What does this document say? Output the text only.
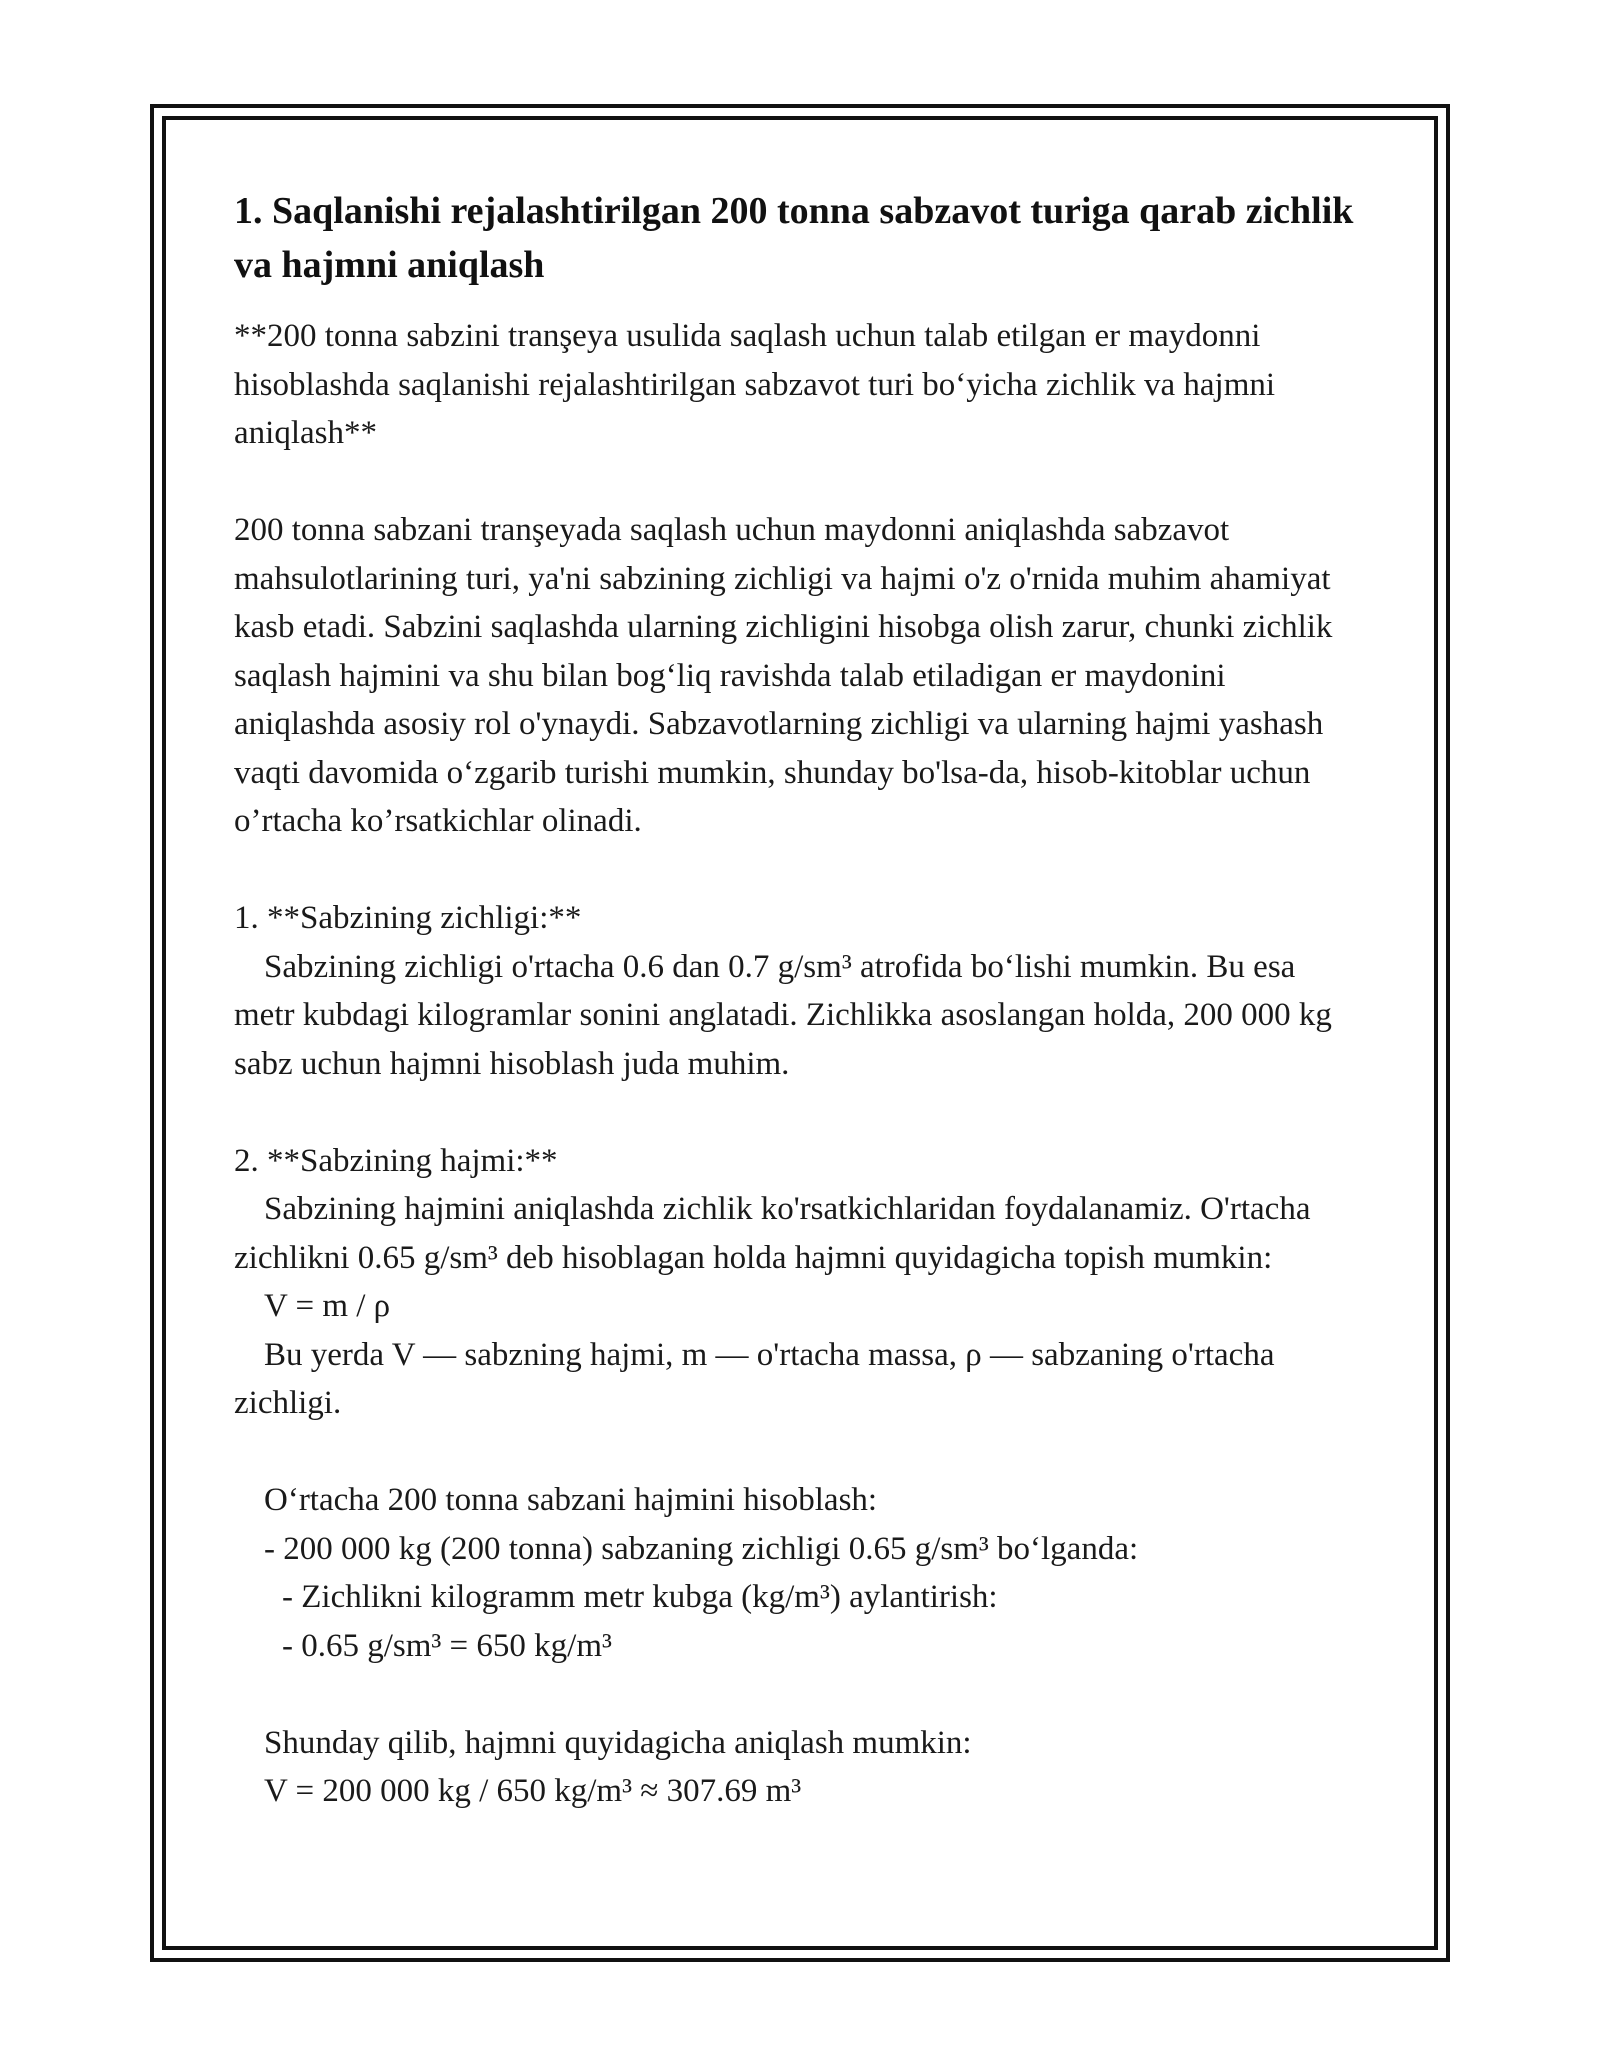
1. Saqlanishi rejalashtirilgan 200 tonna sabzavot turiga qarab zichlik va hajmni aniqlash
**200 tonna sabzini tranşeya usulida saqlash uchun talab etilgan er maydonni hisoblashda saqlanishi rejalashtirilgan sabzavot turi bo‘yicha zichlik va hajmni aniqlash**
200 tonna sabzani tranşeyada saqlash uchun maydonni aniqlashda sabzavot mahsulotlarining turi, ya'ni sabzining zichligi va hajmi o'z o'rnida muhim ahamiyat kasb etadi. Sabzini saqlashda ularning zichligini hisobga olish zarur, chunki zichlik saqlash hajmini va shu bilan bog‘liq ravishda talab etiladigan er maydonini aniqlashda asosiy rol o'ynaydi. Sabzavotlarning zichligi va ularning hajmi yashash vaqti davomida o‘zgarib turishi mumkin, shunday bo'lsa-da, hisob-kitoblar uchun o’rtacha ko’rsatkichlar olinadi.
1. **Sabzining zichligi:**
Sabzining zichligi o'rtacha 0.6 dan 0.7 g/sm³ atrofida bo‘lishi mumkin. Bu esa metr kubdagi kilogramlar sonini anglatadi. Zichlikka asoslangan holda, 200 000 kg sabz uchun hajmni hisoblash juda muhim.
2. **Sabzining hajmi:**
Sabzining hajmini aniqlashda zichlik ko'rsatkichlaridan foydalanamiz. O'rtacha zichlikni 0.65 g/sm³ deb hisoblagan holda hajmni quyidagicha topish mumkin:
V = m / ρ
Bu yerda V — sabzning hajmi, m — o'rtacha massa, ρ — sabzaning o'rtacha zichligi.
O‘rtacha 200 tonna sabzani hajmini hisoblash:
- 200 000 kg (200 tonna) sabzaning zichligi 0.65 g/sm³ bo‘lganda:
- Zichlikni kilogramm metr kubga (kg/m³) aylantirish:
- 0.65 g/sm³ = 650 kg/m³
Shunday qilib, hajmni quyidagicha aniqlash mumkin:
V = 200 000 kg / 650 kg/m³ ≈ 307.69 m³
